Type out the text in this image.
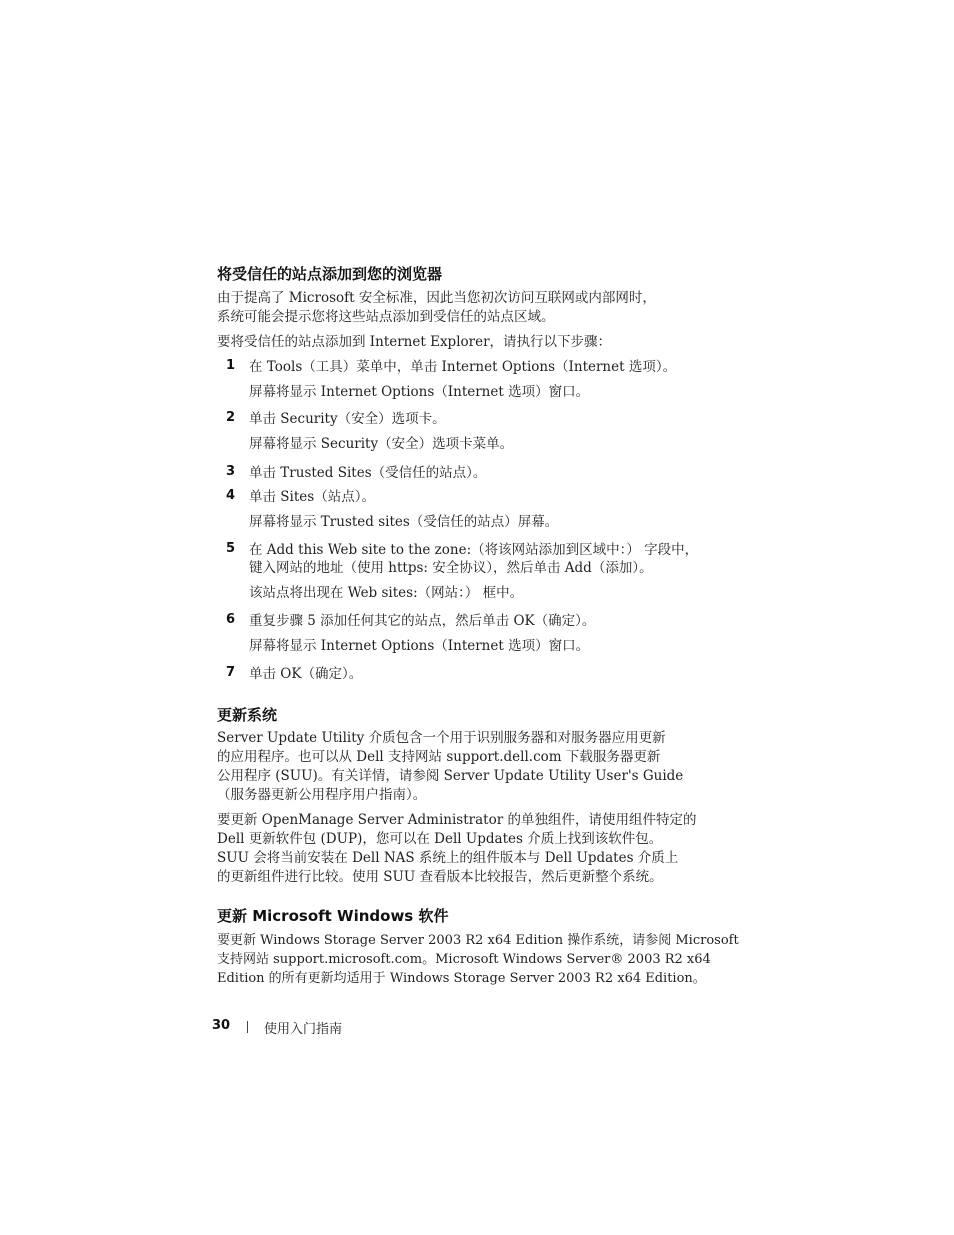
将受信任的站点添加到您的浏览器
由于提高了 Microsoft 安全标准，因此当您初次访问互联网或内部网时，
系统可能会提示您将这些站点添加到受信任的站点区域。
要将受信任的站点添加到 Internet Explorer，请执行以下步骤：
1 在 Tools（工具）菜单中，单击 Internet Options（Internet 选项）。
屏幕将显示 Internet Options（Internet 选项）窗口。
2 单击 Security（安全）选项卡。
屏幕将显示 Security（安全）选项卡菜单。
3 单击 Trusted Sites（受信任的站点）。
4 单击 Sites（站点）。
屏幕将显示 Trusted sites（受信任的站点）屏幕。
5 在 Add this Web site to the zone:（将该网站添加到区域中：） 字段中，
键入网站的地址（使用 https: 安全协议），然后单击 Add（添加）。
该站点将出现在 Web sites:（网站：） 框中。
6 重复步骤 5 添加任何其它的站点，然后单击 OK（确定）。
屏幕将显示 Internet Options（Internet 选项）窗口。
7 单击 OK（确定）。
更新系统
Server Update Utility 介质包含一个用于识别服务器和对服务器应用更新
的应用程序。也可以从 Dell 支持网站 support.dell.com 下载服务器更新
公用程序 (SUU)。有关详情，请参阅 Server Update Utility User's Guide
（服务器更新公用程序用户指南）。
要更新 OpenManage Server Administrator 的单独组件，请使用组件特定的
Dell 更新软件包 (DUP)，您可以在 Dell Updates 介质上找到该软件包。
SUU 会将当前安装在 Dell NAS 系统上的组件版本与 Dell Updates 介质上
的更新组件进行比较。使用 SUU 查看版本比较报告，然后更新整个系统。
更新 Microsoft Windows 软件
要更新 Windows Storage Server 2003 R2 x64 Edition 操作系统，请参阅 Microsoft
支持网站 support.microsoft.com。Microsoft Windows Server® 2003 R2 x64
Edition 的所有更新均适用于 Windows Storage Server 2003 R2 x64 Edition。
30	使用入门指南
